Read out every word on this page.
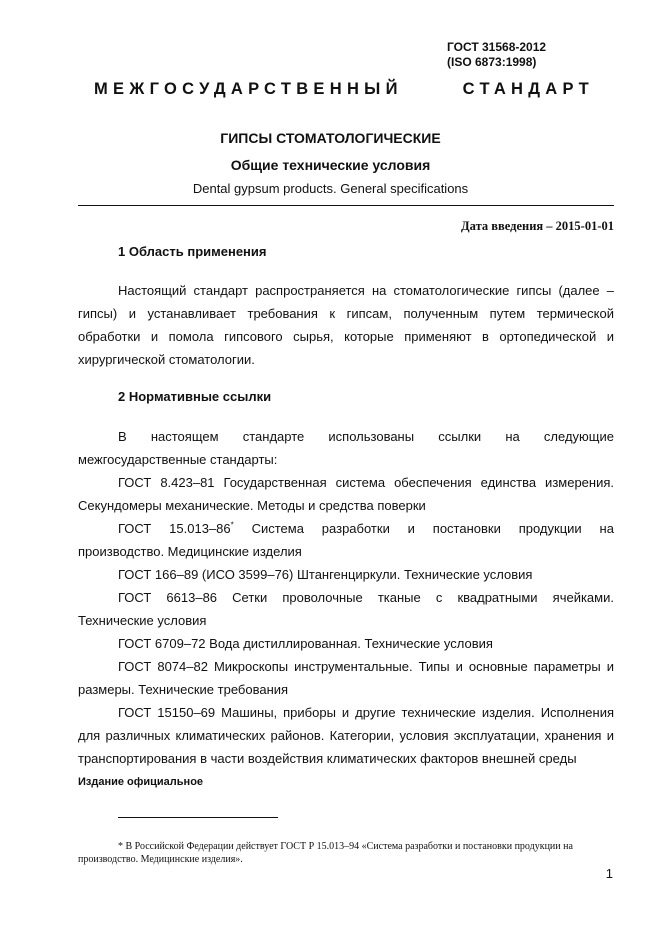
ГОСТ 31568-2012
(ISO 6873:1998)
МЕЖГОСУДАРСТВЕННЫЙ	СТАНДАРТ
ГИПСЫ СТОМАТОЛОГИЧЕСКИЕ
Общие технические условия
Dental gypsum products. General specifications
Дата введения – 2015-01-01
1 Область применения

Настоящий стандарт распространяется на стоматологические гипсы (далее – гипсы) и устанавливает требования к гипсам, полученным путем термической обработки и помола гипсового сырья, которые применяют в ортопедической и хирургической стоматологии.

2 Нормативные ссылки
В настоящем стандарте использованы ссылки на следующие
межгосударственные стандарты:

ГОСТ 8.423–81 Государственная система обеспечения единства измерения. Секундомеры механические. Методы и средства поверки

ГОСТ 15.013–86* Система разработки и постановки продукции на
производство. Медицинские изделия

ГОСТ 166–89 (ИСО 3599–76) Штангенциркули. Технические условия

ГОСТ 6613–86 Сетки проволочные тканые с квадратными ячейками.
Технические условия

ГОСТ 6709–72 Вода дистиллированная. Технические условия

ГОСТ 8074–82 Микроскопы инструментальные. Типы и основные параметры и размеры. Технические требования

ГОСТ 15150–69 Машины, приборы и другие технические изделия. Исполнения для различных климатических районов. Категории, условия эксплуатации, хранения и транспортирования в части воздействия климатических факторов внешней среды

Издание официальное

* В Российской Федерации действует ГОСТ Р 15.013–94 «Система разработки и постановки продукции на производство. Медицинские изделия».

1
